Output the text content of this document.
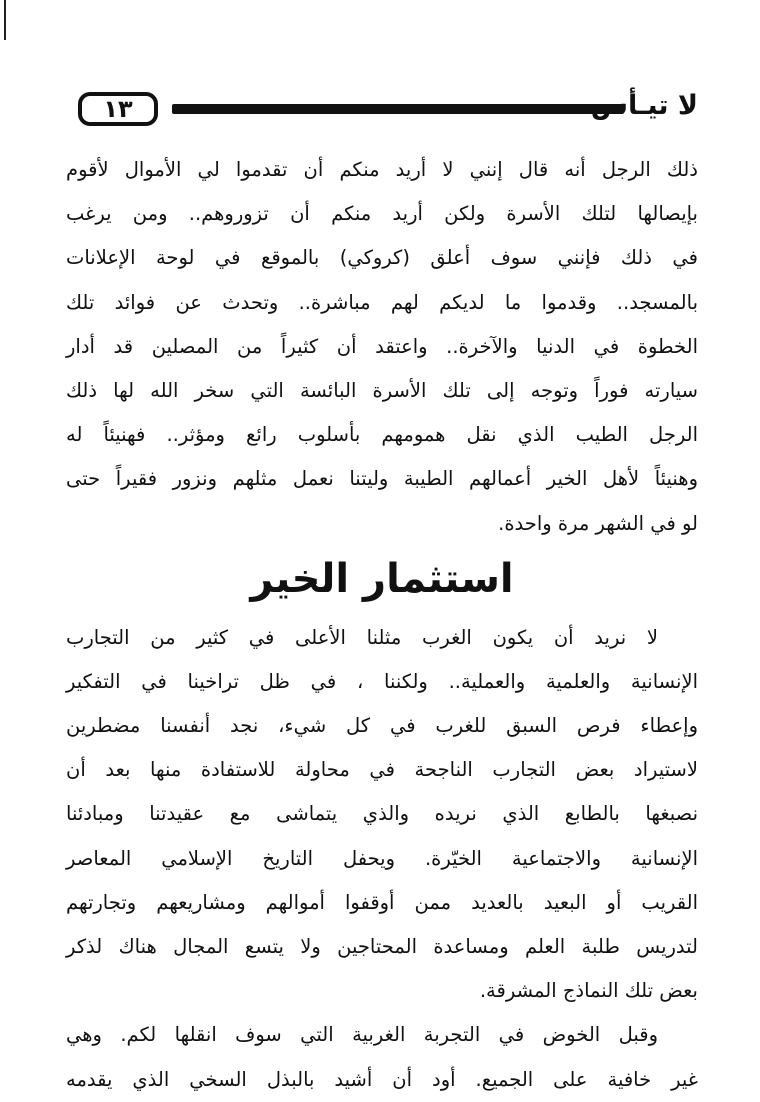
١٣	لا تيـأس
ذلك الرجل أنه قال إنني لا أريد منكم أن تقدموا لي الأموال لأقوم
بإيصالها لتلك الأسرة ولكن أريد منكم أن تزوروهم.. ومن يرغب
في ذلك فإنني سوف أعلق (كروكي) بالموقع في لوحة الإعلانات
بالمسجد.. وقدموا ما لديكم لهم مباشرة.. وتحدث عن فوائد تلك
الخطوة في الدنيا والآخرة.. واعتقد أن كثيراً من المصلين قد أدار
سيارته فوراً وتوجه إلى تلك الأسرة البائسة التي سخر الله لها ذلك
الرجل الطيب الذي نقل همومهم بأسلوب رائع ومؤثر.. فهنيئاً له
وهنيئاً لأهل الخير أعمالهم الطيبة وليتنا نعمل مثلهم ونزور فقيراً حتى
لو في الشهر مرة واحدة.
استثمار الخير
لا نريد أن يكون الغرب مثلنا الأعلى في كثير من التجارب
الإنسانية والعلمية والعملية.. ولكننا ، في ظل تراخينا في التفكير
وإعطاء فرص السبق للغرب في كل شيء، نجد أنفسنا مضطرين
لاستيراد بعض التجارب الناجحة في محاولة للاستفادة منها بعد أن
نصبغها بالطابع الذي نريده والذي يتماشى مع عقيدتنا ومبادئنا
الإنسانية والاجتماعية الخيّرة. ويحفل التاريخ الإسلامي المعاصر
القريب أو البعيد بالعديد ممن أوقفوا أموالهم ومشاريعهم وتجارتهم
لتدريس طلبة العلم ومساعدة المحتاجين ولا يتسع المجال هناك لذكر
بعض تلك النماذج المشرقة.
وقبل الخوض في التجربة الغربية التي سوف انقلها لكم. وهي
غير خافية على الجميع. أود أن أشيد بالبذل السخي الذي يقدمه
